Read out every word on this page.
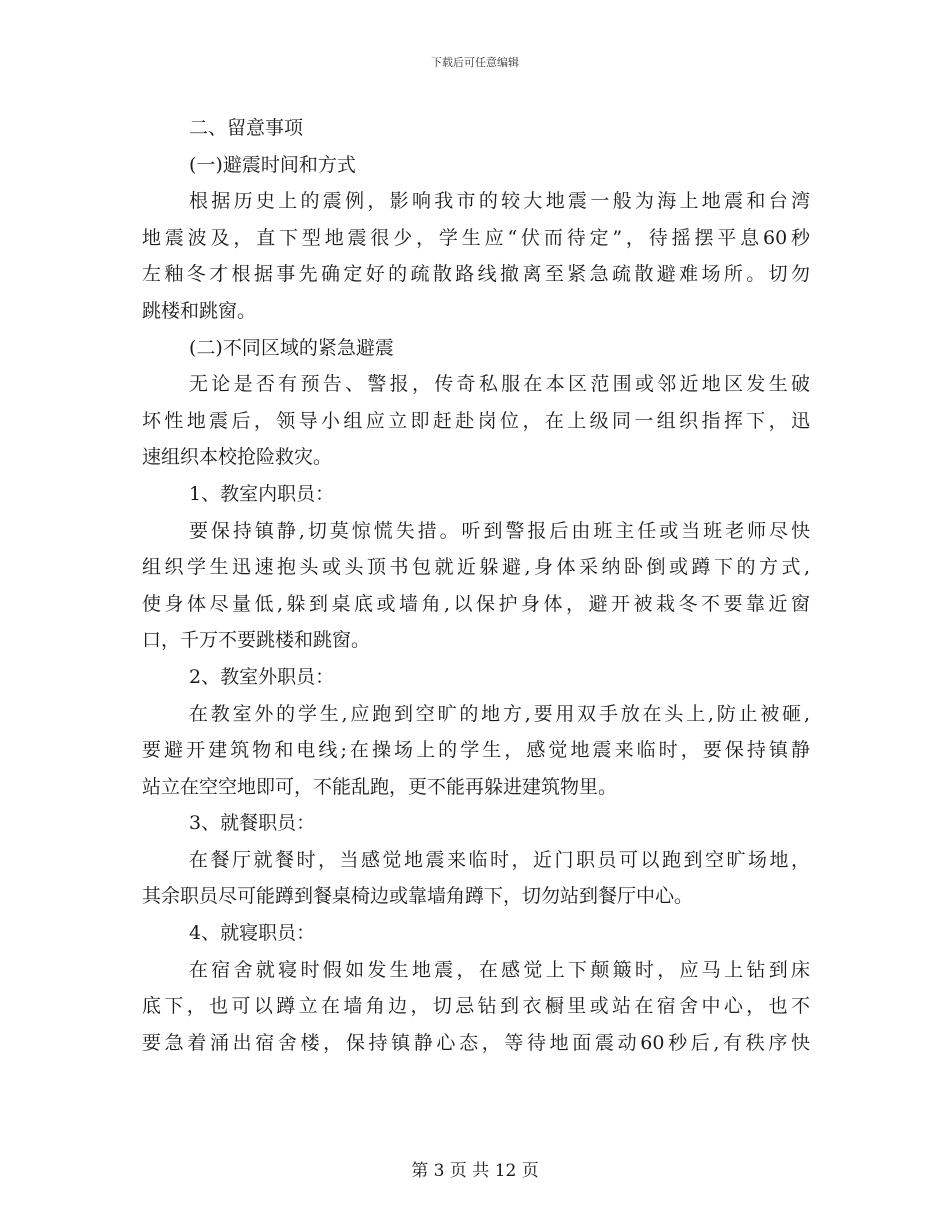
下载后可任意编辑
二、留意事项
(一)避震时间和方式
根据历史上的震例，影响我市的较大地震一般为海上地震和台湾
地震波及，直下型地震很少，学生应“伏而待定”，待摇摆平息60秒
左釉冬才根据事先确定好的疏散路线撤离至紧急疏散避难场所。切勿
跳楼和跳窗。
(二)不同区域的紧急避震
无论是否有预告、警报，传奇私服在本区范围或邻近地区发生破
坏性地震后，领导小组应立即赶赴岗位，在上级同一组织指挥下，迅
速组织本校抢险救灾。
1、教室内职员：
要保持镇静,切莫惊慌失措。听到警报后由班主任或当班老师尽快
组织学生迅速抱头或头顶书包就近躲避,身体采纳卧倒或蹲下的方式,
使身体尽量低,躲到桌底或墙角,以保护身体，避开被栽冬不要靠近窗
口，千万不要跳楼和跳窗。
2、教室外职员：
在教室外的学生,应跑到空旷的地方,要用双手放在头上,防止被砸,
要避开建筑物和电线;在操场上的学生，感觉地震来临时，要保持镇静
站立在空空地即可，不能乱跑，更不能再躲进建筑物里。
3、就餐职员：
在餐厅就餐时，当感觉地震来临时，近门职员可以跑到空旷场地，
其余职员尽可能蹲到餐桌椅边或靠墙角蹲下，切勿站到餐厅中心。
4、就寝职员：
在宿舍就寝时假如发生地震，在感觉上下颠簸时，应马上钻到床
底下，也可以蹲立在墙角边，切忌钻到衣橱里或站在宿舍中心，也不
要急着涌出宿舍楼，保持镇静心态，等待地面震动60秒后,有秩序快
第 3 页 共 12 页
